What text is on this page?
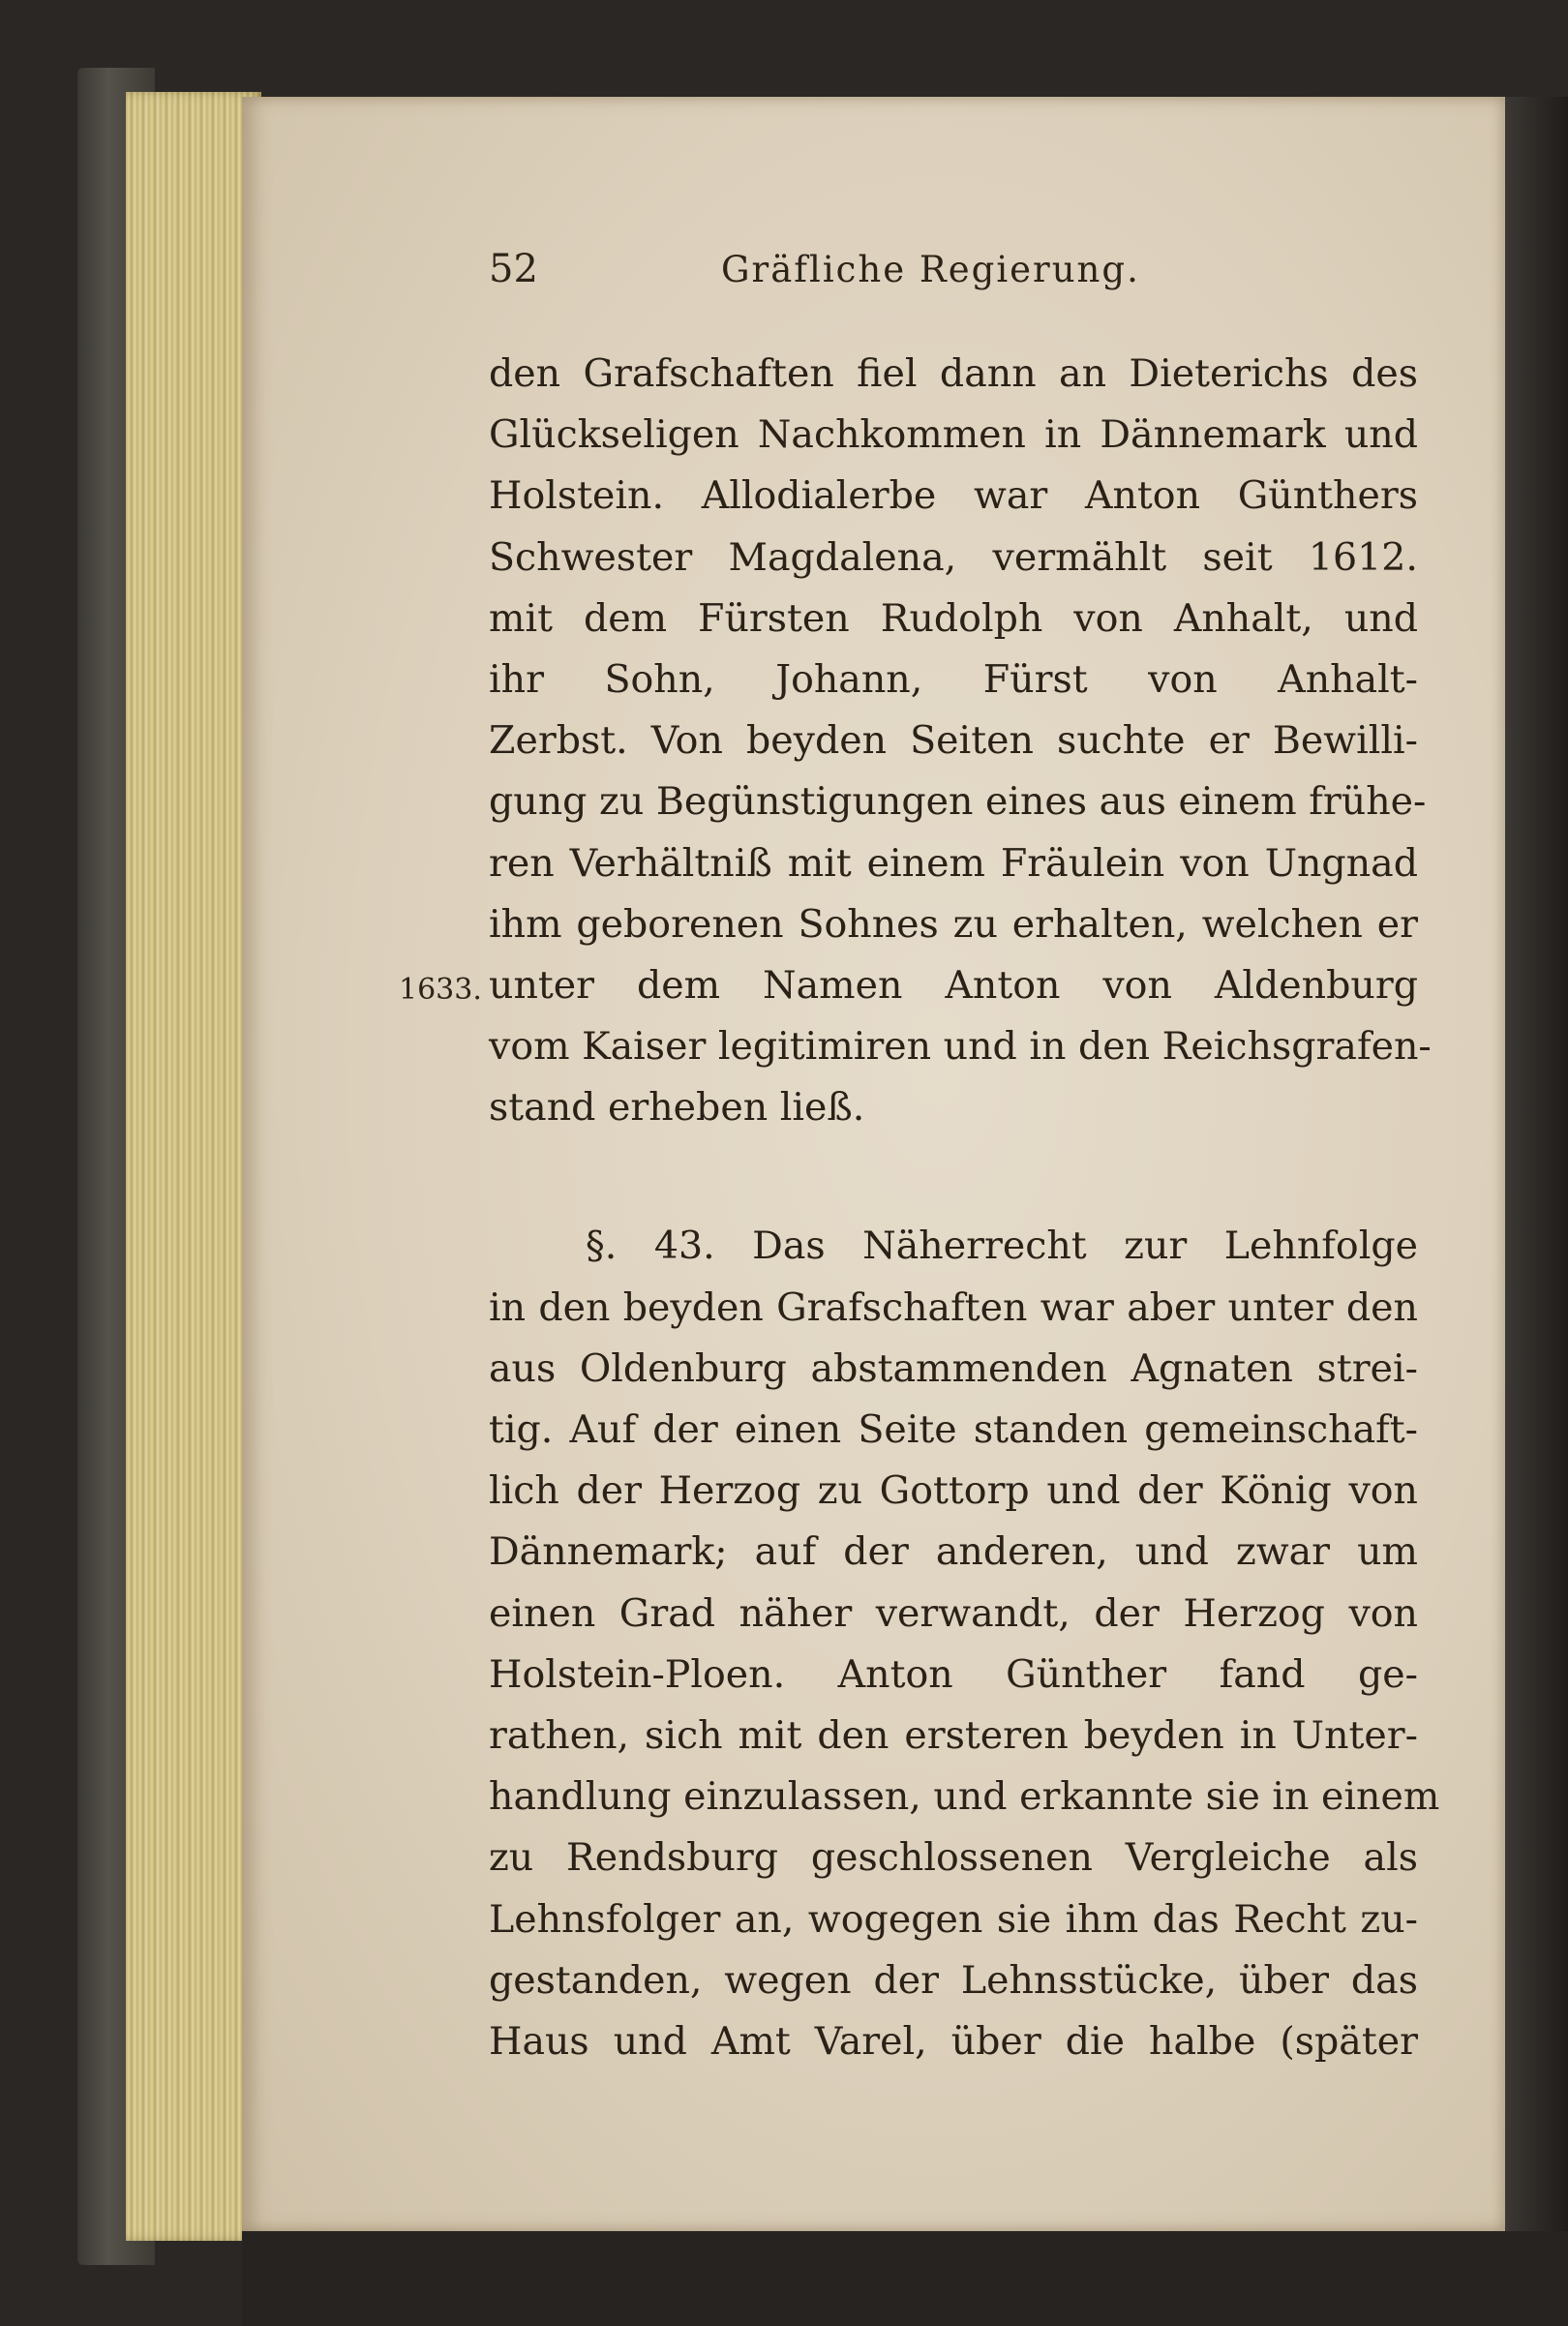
52	Gräfliche Regierung.
1633.
den Grafschaften fiel dann an Dieterichs des
Glückseligen Nachkommen in Dännemark und
Holstein. Allodialerbe war Anton Günthers
Schwester Magdalena, vermählt seit 1612.
mit dem Fürsten Rudolph von Anhalt, und
ihr Sohn, Johann, Fürst von Anhalt-
Zerbst. Von beyden Seiten suchte er Bewilli-
gung zu Begünstigungen eines aus einem frühe-
ren Verhältniß mit einem Fräulein von Ungnad
ihm geborenen Sohnes zu erhalten, welchen er
unter dem Namen Anton von Aldenburg
vom Kaiser legitimiren und in den Reichsgrafen-
stand erheben ließ.
§. 43. Das Näherrecht zur Lehnfolge
in den beyden Grafschaften war aber unter den
aus Oldenburg abstammenden Agnaten strei-
tig. Auf der einen Seite standen gemeinschaft-
lich der Herzog zu Gottorp und der König von
Dännemark; auf der anderen, und zwar um
einen Grad näher verwandt, der Herzog von
Holstein-Ploen. Anton Günther fand ge-
rathen, sich mit den ersteren beyden in Unter-
handlung einzulassen, und erkannte sie in einem
zu Rendsburg geschlossenen Vergleiche als
Lehnsfolger an, wogegen sie ihm das Recht zu-
gestanden, wegen der Lehnsstücke, über das
Haus und Amt Varel, über die halbe (später
